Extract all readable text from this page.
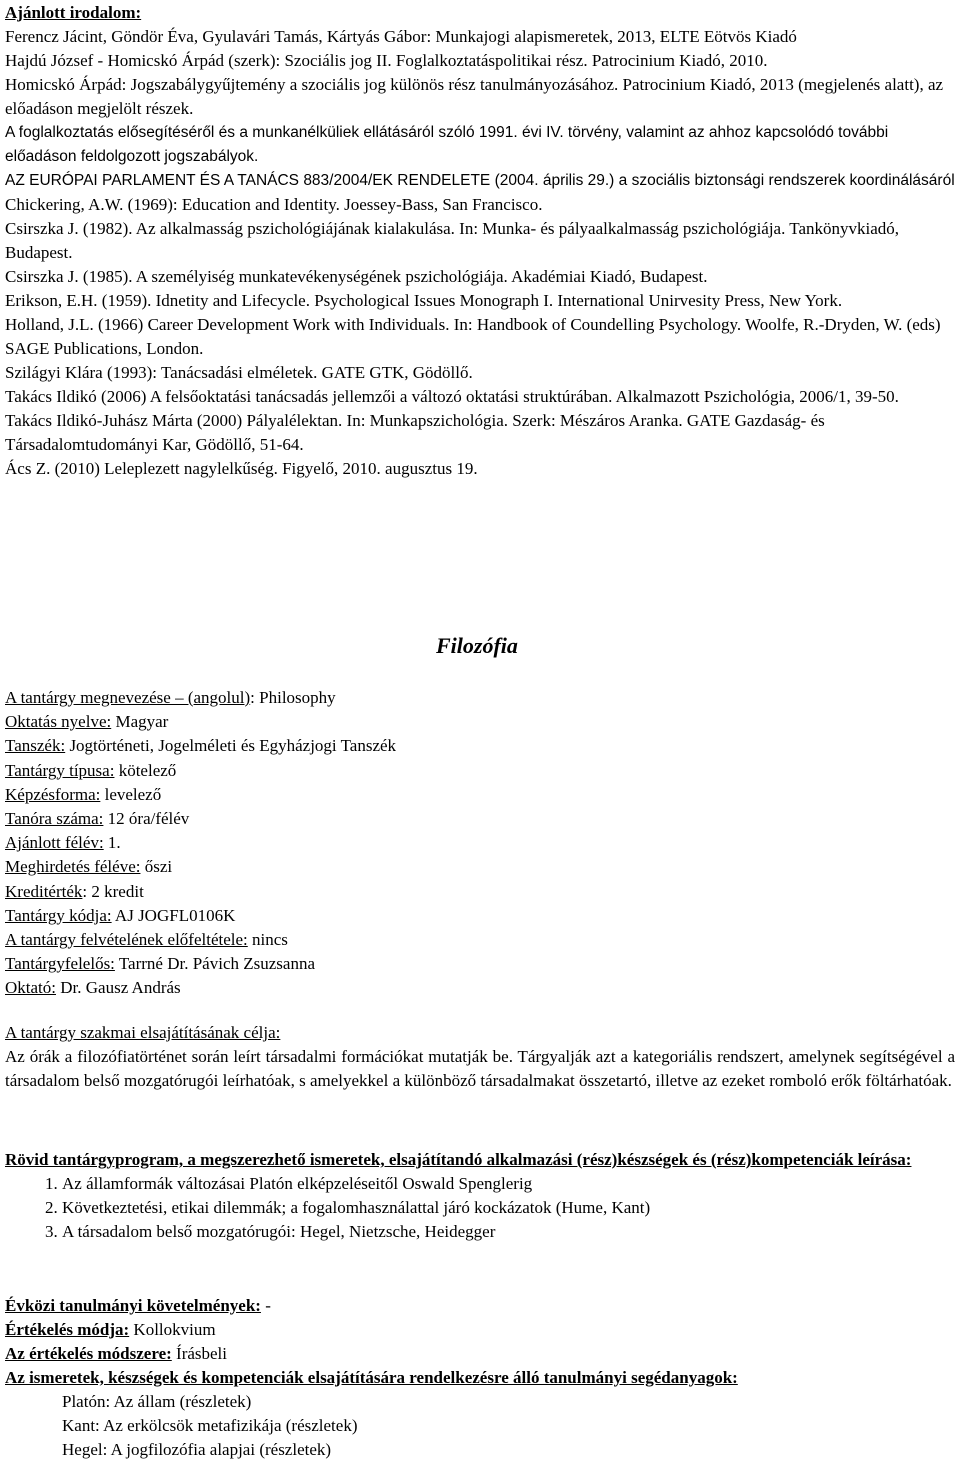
Ajánlott irodalom:

Ferencz Jácint, Göndör Éva, Gyulavári Tamás, Kártyás Gábor: Munkajogi alapismeretek, 2013, ELTE Eötvös Kiadó

Hajdú József - Homicskó Árpád (szerk): Szociális jog II. Foglalkoztatáspolitikai rész. Patrocinium Kiadó, 2010.

Homicskó Árpád: Jogszabálygyűjtemény a szociális jog különös rész tanulmányozásához. Patrocinium Kiadó, 2013 (megjelenés alatt), az előadáson megjelölt részek.

A foglalkoztatás elősegítéséről és a munkanélküliek ellátásáról szóló 1991. évi IV. törvény, valamint az ahhoz kapcsolódó további előadáson feldolgozott jogszabályok.

AZ EURÓPAI PARLAMENT ÉS A TANÁCS 883/2004/EK RENDELETE (2004. április 29.) a szociális biztonsági rendszerek koordinálásáról

Chickering, A.W. (1969): Education and Identity. Joessey-Bass, San Francisco.

Csirszka J. (1982). Az alkalmasság pszichológiájának kialakulása. In: Munka- és pályaalkalmasság pszichológiája. Tankönyvkiadó, Budapest.

Csirszka J. (1985). A személyiség munkatevékenységének pszichológiája. Akadémiai Kiadó, Budapest.

Erikson, E.H. (1959). Idnetity and Lifecycle. Psychological Issues Monograph I. International Unirvesity Press, New York.

Holland, J.L. (1966) Career Development Work with Individuals. In: Handbook of Coundelling Psychology. Woolfe, R.-Dryden, W. (eds) SAGE Publications, London.

Szilágyi Klára (1993): Tanácsadási elméletek. GATE GTK, Gödöllő.

Takács Ildikó (2006) A felsőoktatási tanácsadás jellemzői a változó oktatási struktúrában. Alkalmazott Pszichológia, 2006/1, 39-50.

Takács Ildikó-Juhász Márta (2000) Pályalélektan. In: Munkapszichológia. Szerk: Mészáros Aranka. GATE Gazdaság- és Társadalomtudományi Kar, Gödöllő, 51-64.

Ács Z. (2010) Leleplezett nagylelkűség. Figyelő, 2010. augusztus 19.

Filozófia
A tantárgy megnevezése – (angolul): Philosophy
Oktatás nyelve: Magyar
Tanszék: Jogtörténeti, Jogelméleti és Egyházjogi Tanszék
Tantárgy típusa: kötelező
Képzésforma: levelező
Tanóra száma: 12 óra/félév
Ajánlott félév: 1.
Meghirdetés féléve: őszi
Kreditérték: 2 kredit
Tantárgy kódja: AJ JOGFL0106K
A tantárgy felvételének előfeltétele: nincs
Tantárgyfelelős: Tarrné Dr. Pávich Zsuzsanna
Oktató: Dr. Gausz András
A tantárgy szakmai elsajátításának célja:
Az órák a filozófiatörténet során leírt társadalmi formációkat mutatják be. Tárgyalják azt a kategoriális rendszert, amelynek segítségével a társadalom belső mozgatórugói leírhatóak, s amelyekkel a különböző társadalmakat összetartó, illetve az ezeket romboló erők föltárhatóak.
Rövid tantárgyprogram, a megszerezhető ismeretek, elsajátítandó alkalmazási (rész)készségek és (rész)kompetenciák leírása:
1. Az államformák változásai Platón elképzeléseitől Oswald Spenglerig
2. Következtetési, etikai dilemmák; a fogalomhasználattal járó kockázatok (Hume, Kant)
3. A társadalom belső mozgatórugói: Hegel, Nietzsche, Heidegger
Évközi tanulmányi követelmények: -
Értékelés módja: Kollokvium
Az értékelés módszere: Írásbeli
Az ismeretek, készségek és kompetenciák elsajátítására rendelkezésre álló tanulmányi segédanyagok:
Platón: Az állam (részletek)
Kant: Az erkölcsök metafizikája (részletek)
Hegel: A jogfilozófia alapjai (részletek)
